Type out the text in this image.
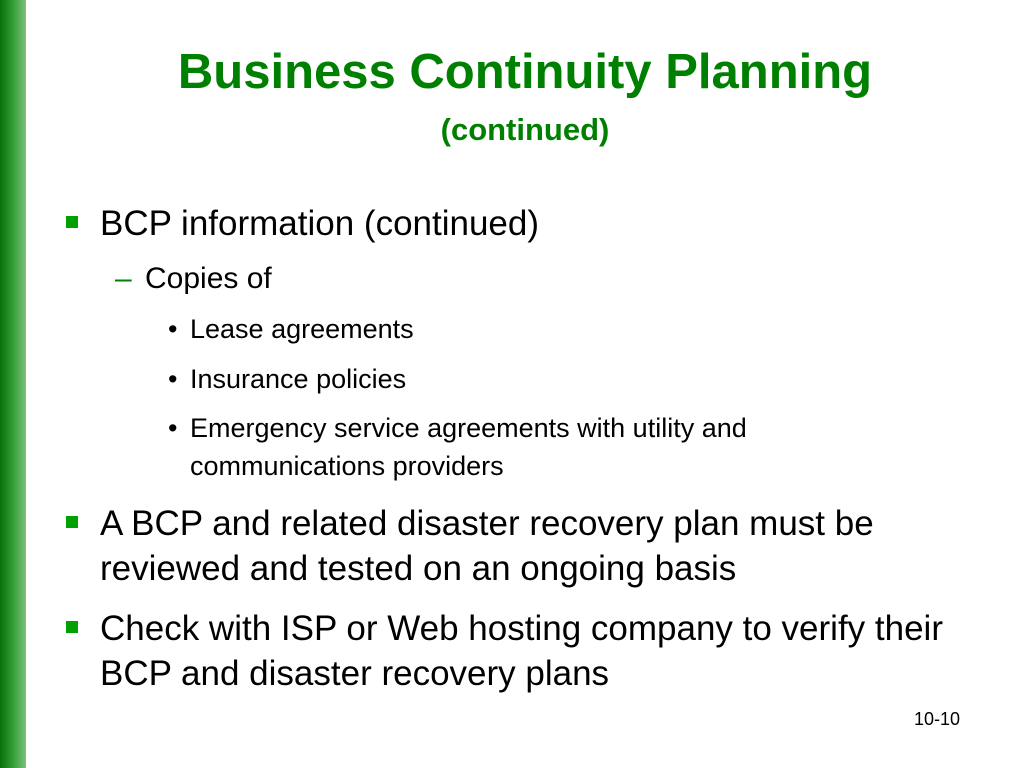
Business Continuity Planning
(continued)
BCP information (continued)
– Copies of
• Lease agreements
• Insurance policies
• Emergency service agreements with utility and communications providers
A BCP and related disaster recovery plan must be reviewed and tested on an ongoing basis
Check with ISP or Web hosting company to verify their BCP and disaster recovery plans
10-10
